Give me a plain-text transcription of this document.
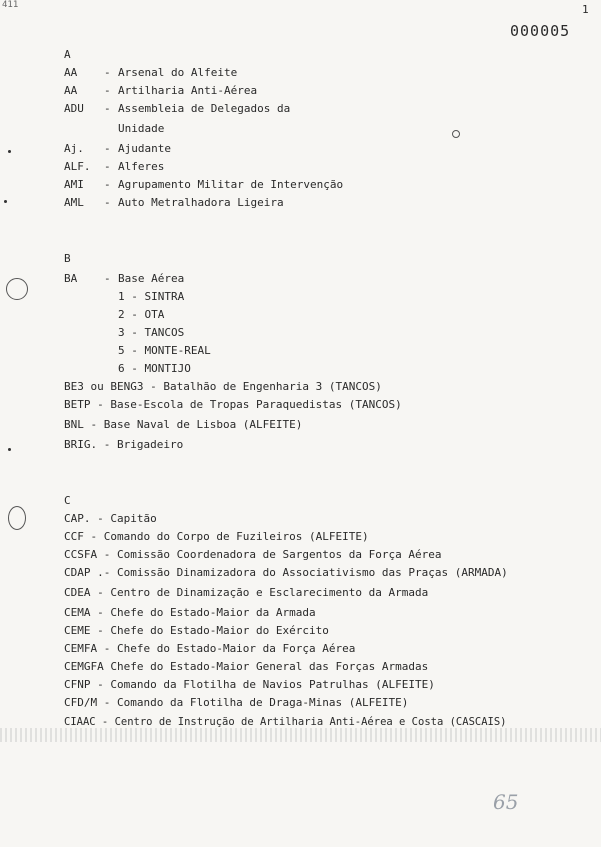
411	1
000005
A
AA - Arsenal do Alfeite
AA - Artilharia Anti-Aérea
ADU - Assembleia de Delegados da
Unidade
Aj. - Ajudante
ALF. - Alferes
AMI - Agrupamento Militar de Intervenção
AML - Auto Metralhadora Ligeira
B
BA - Base Aérea
1 - SINTRA
2 - OTA
3 - TANCOS
5 - MONTE-REAL
6 - MONTIJO
BE3 ou BENG3 - Batalhão de Engenharia 3 (TANCOS)
BETP - Base-Escola de Tropas Paraquedistas (TANCOS)
BNL - Base Naval de Lisboa (ALFEITE)
BRIG. - Brigadeiro
C
CAP. - Capitão
CCF - Comando do Corpo de Fuzileiros (ALFEITE)
CCSFA - Comissão Coordenadora de Sargentos da Força Aérea
CDAP .- Comissão Dinamizadora do Associativismo das Praças (ARMADA)
CDEA - Centro de Dinamização e Esclarecimento da Armada
CEMA - Chefe do Estado-Maior da Armada
CEME - Chefe do Estado-Maior do Exército
CEMFA - Chefe do Estado-Maior da Força Aérea
CEMGFA Chefe do Estado-Maior General das Forças Armadas
CFNP - Comando da Flotilha de Navios Patrulhas (ALFEITE)
CFD/M - Comando da Flotilha de Draga-Minas (ALFEITE)
CIAAC - Centro de Instrução de Artilharia Anti-Aérea e Costa (CASCAIS)
65
